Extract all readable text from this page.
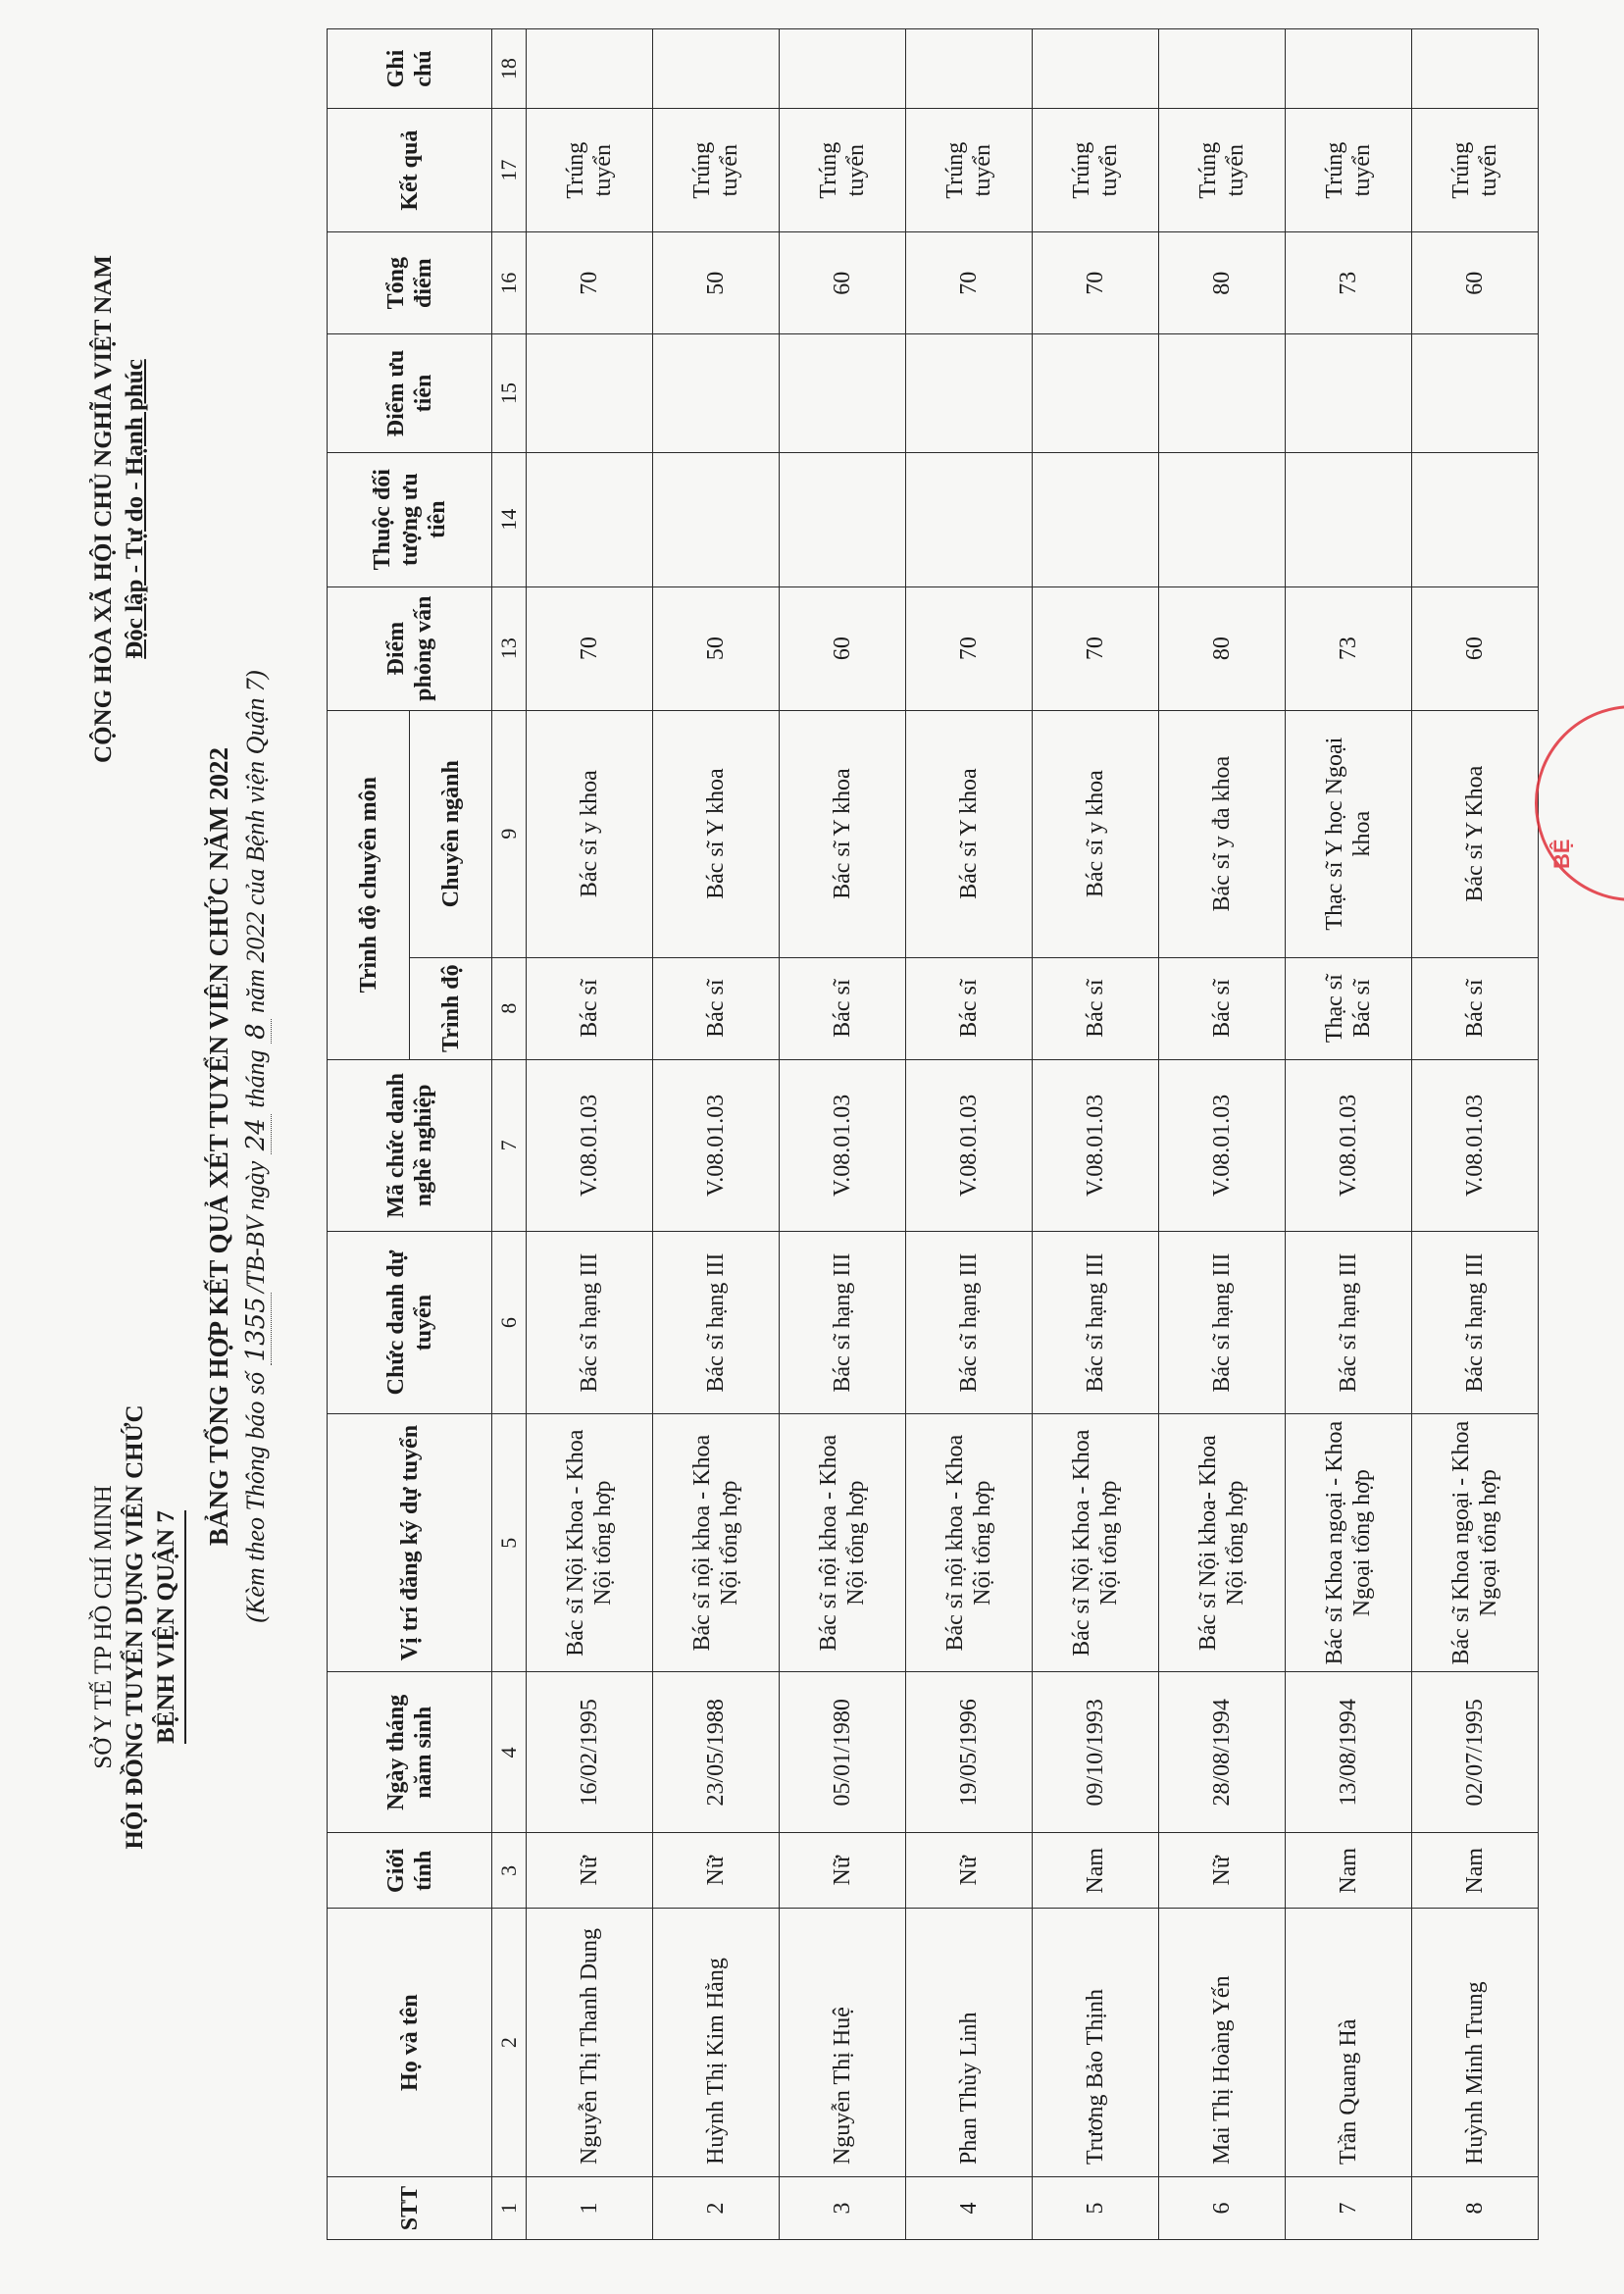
SỞ Y TẾ TP HỒ CHÍ MINH HỘI ĐỒNG TUYỂN DỤNG VIÊN CHỨC BỆNH VIỆN QUẬN 7
CỘNG HÒA XÃ HỘI CHỦ NGHĨA VIỆT NAM Độc lập - Tự do - Hạnh phúc
BẢNG TỔNG HỢP KẾT QUẢ XÉT TUYỂN VIÊN CHỨC NĂM 2022 (Kèm theo Thông báo số 1355/TB-BV ngày 24 tháng 8 năm 2022 của Bệnh viện Quận 7)
STT	Họ và tên	Giới tính	Ngày tháng năm sinh	Vị trí đăng ký dự tuyển	Chức danh dự tuyển	Mã chức danh nghề nghiệp	Trình độ chuyên môn		Điểm phỏng vấn	Thuộc đối tượng ưu tiên	Điểm ưu tiên	Tổng điểm	Kết quả	Ghi chú
							Trình độ	Chuyên ngành						
1	2	3	4	5	6	7	8	9	13	14	15	16	17	18
1	Nguyễn Thị Thanh Dung	Nữ	16/02/1995	Bác sĩ Nội Khoa - Khoa Nội tổng hợp	Bác sĩ hạng III	V.08.01.03	Bác sĩ	Bác sĩ y khoa	70			70	Trúng tuyển	
2	Huỳnh Thị Kim Hằng	Nữ	23/05/1988	Bác sĩ nội khoa - Khoa Nội tổng hợp	Bác sĩ hạng III	V.08.01.03	Bác sĩ	Bác sĩ Y khoa	50			50	Trúng tuyển	
3	Nguyễn Thị Huệ	Nữ	05/01/1980	Bác sĩ nội khoa - Khoa Nội tổng hợp	Bác sĩ hạng III	V.08.01.03	Bác sĩ	Bác sĩ Y khoa	60			60	Trúng tuyển	
4	Phan Thùy Linh	Nữ	19/05/1996	Bác sĩ nội khoa - Khoa Nội tổng hợp	Bác sĩ hạng III	V.08.01.03	Bác sĩ	Bác sĩ Y khoa	70			70	Trúng tuyển	
5	Trương Bảo Thịnh	Nam	09/10/1993	Bác sĩ Nội Khoa - Khoa Nội tổng hợp	Bác sĩ hạng III	V.08.01.03	Bác sĩ	Bác sĩ y khoa	70			70	Trúng tuyển	
6	Mai Thị Hoàng Yến	Nữ	28/08/1994	Bác sĩ Nội khoa- Khoa Nội tổng hợp	Bác sĩ hạng III	V.08.01.03	Bác sĩ	Bác sĩ y đa khoa	80			80	Trúng tuyển	
7	Trần Quang Hà	Nam	13/08/1994	Bác sĩ Khoa ngoại - Khoa Ngoại tổng hợp	Bác sĩ hạng III	V.08.01.03	Thạc sĩ Bác sĩ	Thạc sĩ Y học Ngoại khoa	73			73	Trúng tuyển	
8	Huỳnh Minh Trung	Nam	02/07/1995	Bác sĩ Khoa ngoại - Khoa Ngoại tổng hợp	Bác sĩ hạng III	V.08.01.03	Bác sĩ	Bác sĩ Y Khoa	60			60	Trúng tuyển	
BỆ
